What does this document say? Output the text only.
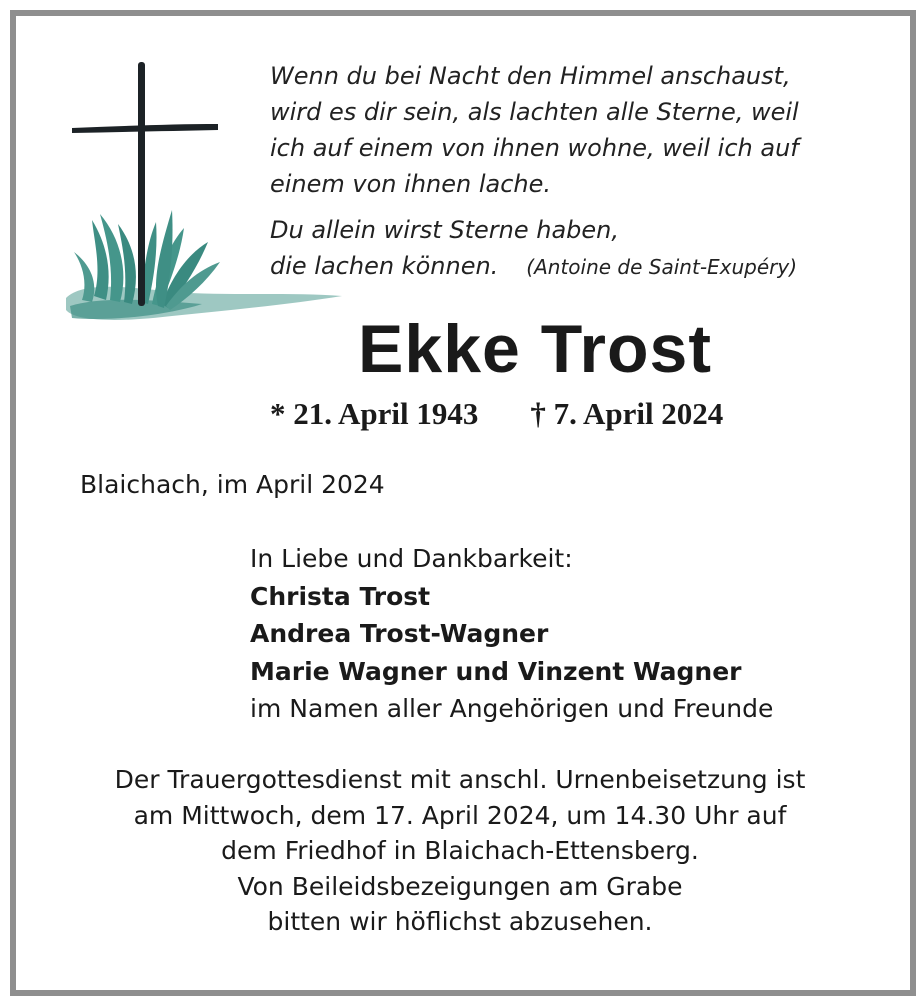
Wenn du bei Nacht den Himmel anschaust,
wird es dir sein, als lachten alle Sterne, weil
ich auf einem von ihnen wohne, weil ich auf
einem von ihnen lache.
Du allein wirst Sterne haben,
die lachen können. (Antoine de Saint-Exupéry)
Ekke Trost
* 21. April 1943 † 7. April 2024
Blaichach, im April 2024
In Liebe und Dankbarkeit:
Christa Trost
Andrea Trost-Wagner
Marie Wagner und Vinzent Wagner
im Namen aller Angehörigen und Freunde
Der Trauergottesdienst mit anschl. Urnenbeisetzung ist
am Mittwoch, dem 17. April 2024, um 14.30 Uhr auf
dem Friedhof in Blaichach-Ettensberg.
Von Beileidsbezeigungen am Grabe
bitten wir höflichst abzusehen.
